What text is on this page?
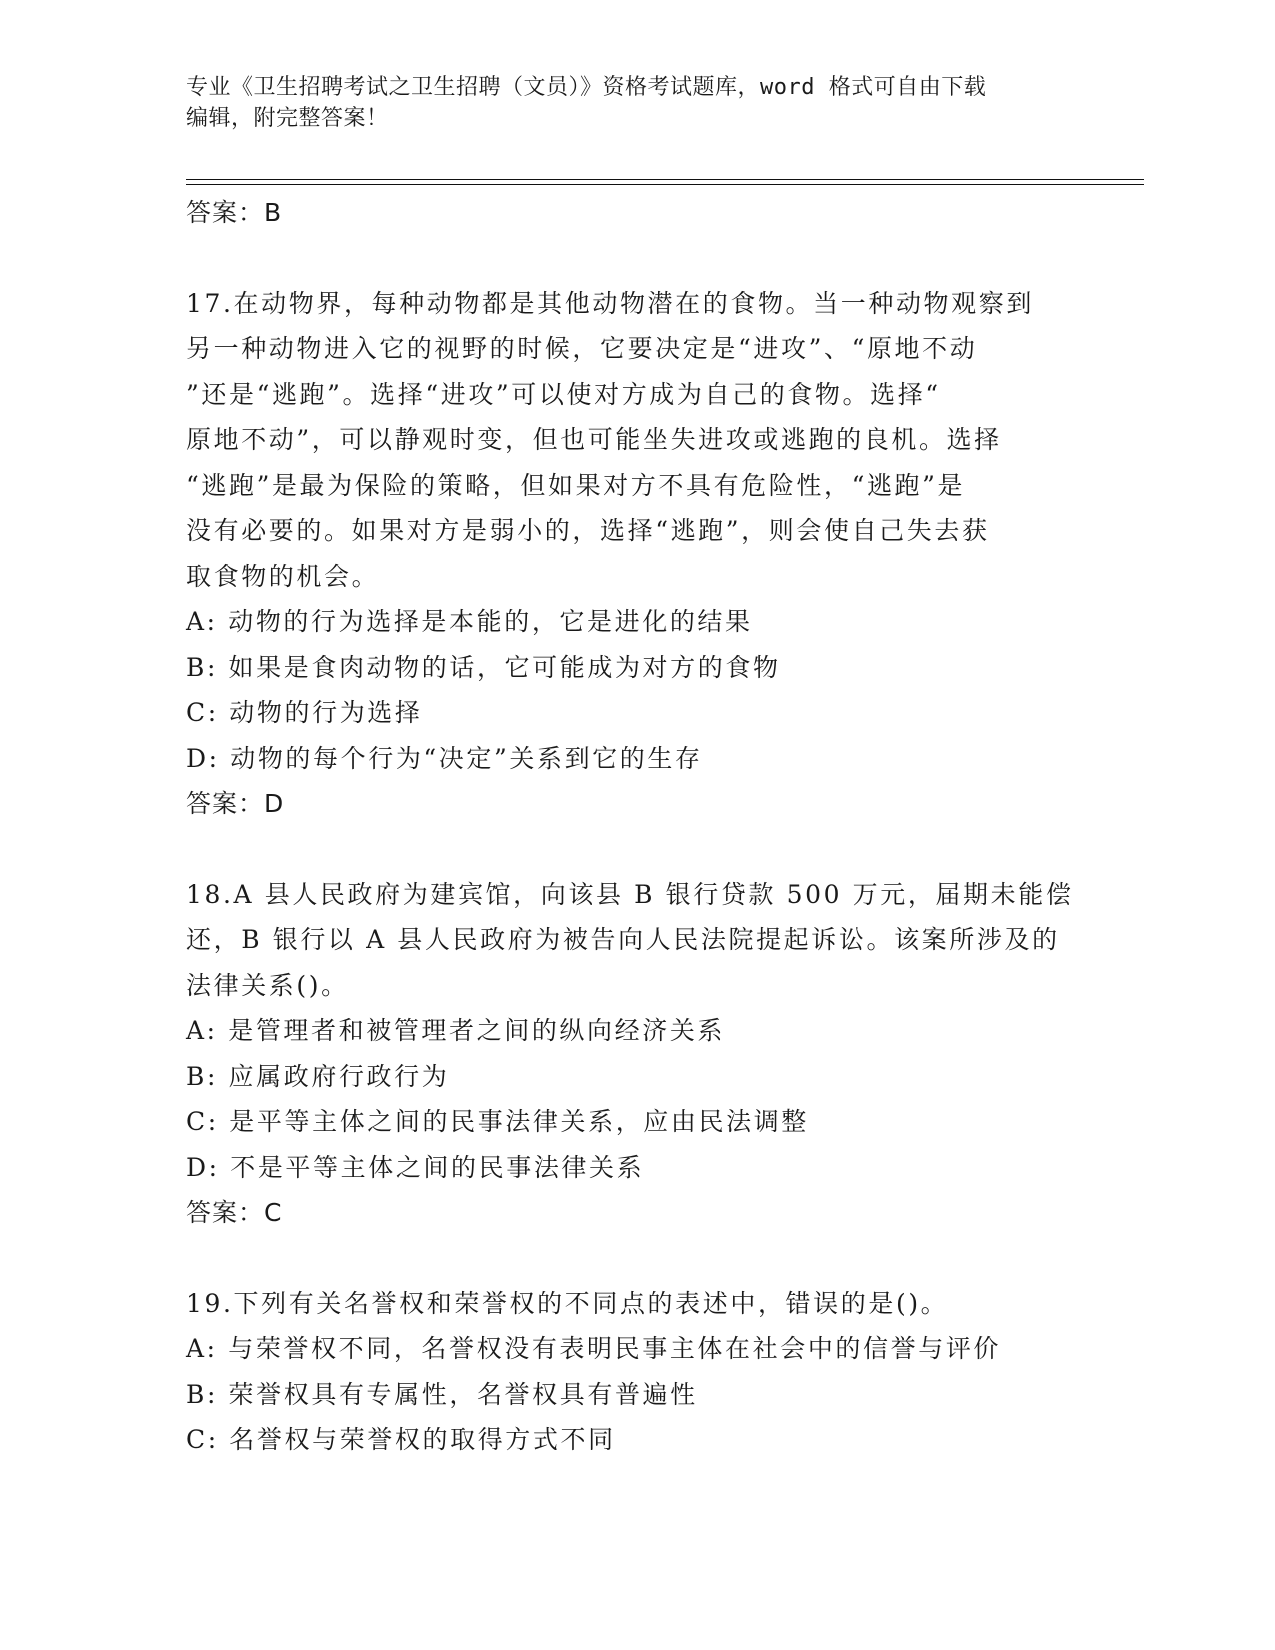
专业《卫生招聘考试之卫生招聘（文员）》资格考试题库，word 格式可自由下载
编辑，附完整答案！
答案：B
17.在动物界，每种动物都是其他动物潜在的食物。当一种动物观察到
另一种动物进入它的视野的时候，它要决定是“进攻”、“原地不动
”还是“逃跑”。选择“进攻”可以使对方成为自己的食物。选择“
原地不动”，可以静观时变，但也可能坐失进攻或逃跑的良机。选择
“逃跑”是最为保险的策略，但如果对方不具有危险性，“逃跑”是
没有必要的。如果对方是弱小的，选择“逃跑”，则会使自己失去获
取食物的机会。
A: 动物的行为选择是本能的，它是进化的结果
B: 如果是食肉动物的话，它可能成为对方的食物
C: 动物的行为选择
D: 动物的每个行为“决定”关系到它的生存
答案：D
18.A 县人民政府为建宾馆，向该县 B 银行贷款 500 万元，届期未能偿
还，B 银行以 A 县人民政府为被告向人民法院提起诉讼。该案所涉及的
法律关系()。
A: 是管理者和被管理者之间的纵向经济关系
B: 应属政府行政行为
C: 是平等主体之间的民事法律关系，应由民法调整
D: 不是平等主体之间的民事法律关系
答案：C
19.下列有关名誉权和荣誉权的不同点的表述中，错误的是()。
A: 与荣誉权不同，名誉权没有表明民事主体在社会中的信誉与评价
B: 荣誉权具有专属性，名誉权具有普遍性
C: 名誉权与荣誉权的取得方式不同
